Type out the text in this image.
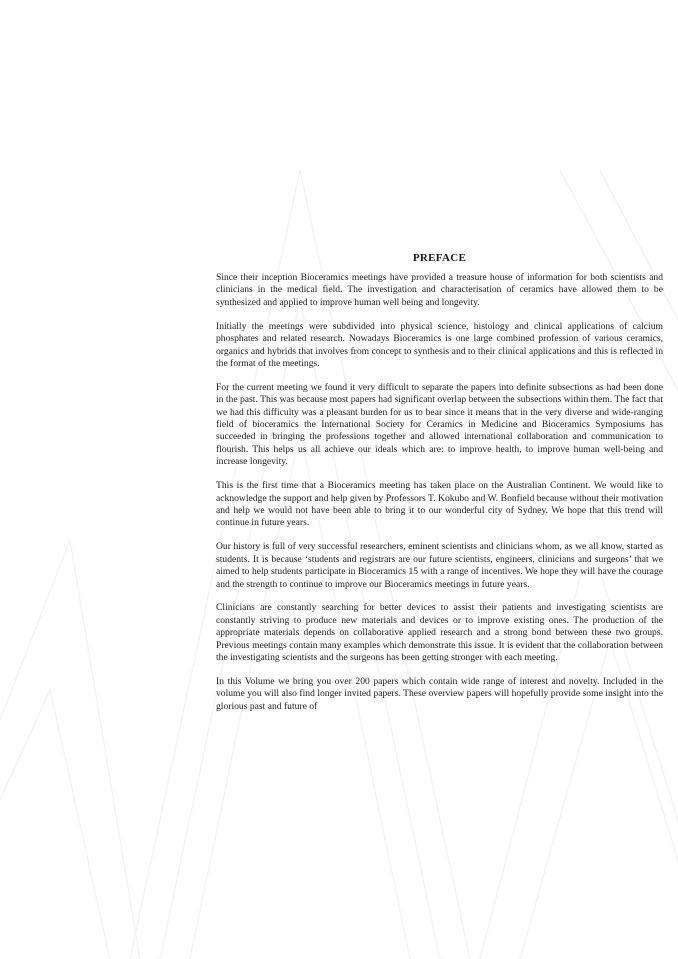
PREFACE

Since their inception Bioceramics meetings have provided a treasure house of information for both scientists and clinicians in the medical field. The investigation and characterisation of ceramics have allowed them to be synthesized and applied to improve human well being and longevity.

Initially the meetings were subdivided into physical science, histology and clinical applications of calcium phosphates and related research. Nowadays Bioceramics is one large combined profession of various ceramics, organics and hybrids that involves from concept to synthesis and to their clinical applications and this is reflected in the format of the meetings.

For the current meeting we found it very difficult to separate the papers into definite subsections as had been done in the past. This was because most papers had significant overlap between the subsections within them. The fact that we had this difficulty was a pleasant burden for us to bear since it means that in the very diverse and wide-ranging field of bioceramics the International Society for Ceramics in Medicine and Bioceramics Symposiums has succeeded in bringing the professions together and allowed international collaboration and communication to flourish. This helps us all achieve our ideals which are: to improve health, to improve human well-being and increase longevity.

This is the first time that a Bioceramics meeting has taken place on the Australian Continent. We would like to acknowledge the support and help given by Professors T. Kokubo and W. Bonfield because without their motivation and help we would not have been able to bring it to our wonderful city of Sydney. We hope that this trend will continue in future years.

Our history is full of very successful researchers, eminent scientists and clinicians whom, as we all know, started as students. It is because ‘students and registrars are our future scientists, engineers, clinicians and surgeons’ that we aimed to help students participate in Bioceramics 15 with a range of incentives. We hope they will have the courage and the strength to continue to improve our Bioceramics meetings in future years.

Clinicians are constantly searching for better devices to assist their patients and investigating scientists are constantly striving to produce new materials and devices or to improve existing ones. The production of the appropriate materials depends on collaborative applied research and a strong bond between these two groups. Previous meetings contain many examples which demonstrate this issue. It is evident that the collaboration between the investigating scientists and the surgeons has been getting stronger with each meeting.

In this Volume we bring you over 200 papers which contain wide range of interest and novelty. Included in the volume you will also find longer invited papers. These overview papers will hopefully provide some insight into the glorious past and future of
